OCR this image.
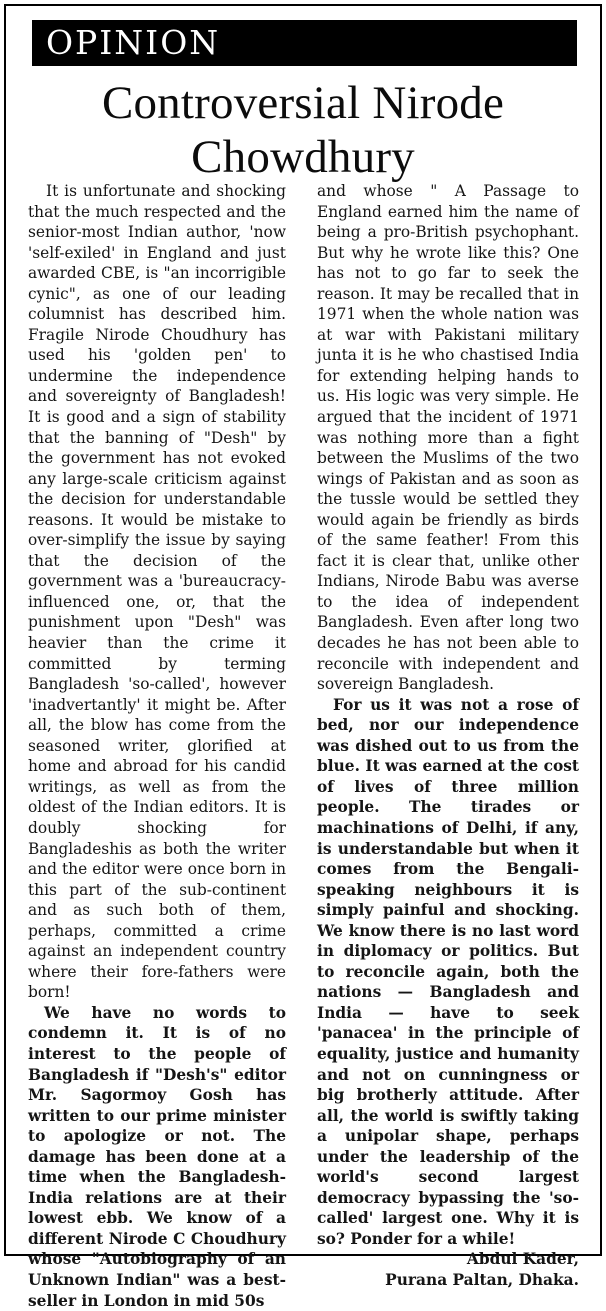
OPINION
Controversial Nirode Chowdhury

It is unfortunate and shocking that the much respected and the senior-most Indian author, 'now 'self-exiled' in England and just awarded CBE, is "an incorrigible cynic", as one of our leading columnist has described him. Fragile Nirode Choudhury has used his 'golden pen' to undermine the independence and sovereignty of Bangladesh! It is good and a sign of stability that the banning of "Desh" by the government has not evoked any large-scale criticism against the decision for understandable reasons. It would be mistake to over-simplify the issue by saying that the decision of the government was a 'bureaucracy-influenced one, or, that the punishment upon "Desh" was heavier than the crime it committed by terming Bangladesh 'so-called', however 'inadvertantly' it might be. After all, the blow has come from the seasoned writer, glorified at home and abroad for his candid writings, as well as from the oldest of the Indian editors. It is doubly shocking for Bangladeshis as both the writer and the editor were once born in this part of the sub-continent and as such both of them, perhaps, committed a crime against an independent country where their fore-fathers were born!

We have no words to condemn it. It is of no interest to the people of Bangladesh if "Desh's" editor Mr. Sagormoy Gosh has written to our prime minister to apologize or not. The damage has been done at a time when the Bangladesh-India relations are at their lowest ebb. We know of a different Nirode C Choudhury whose "Autobiography of an Unknown Indian" was a best-seller in London in mid 50s

and whose " A Passage to England earned him the name of being a pro-British psychophant. But why he wrote like this? One has not to go far to seek the reason. It may be recalled that in 1971 when the whole nation was at war with Pakistani military junta it is he who chastised India for extending helping hands to us. His logic was very simple. He argued that the incident of 1971 was nothing more than a fight between the Muslims of the two wings of Pakistan and as soon as the tussle would be settled they would again be friendly as birds of the same feather! From this fact it is clear that, unlike other Indians, Nirode Babu was averse to the idea of independent Bangladesh. Even after long two decades he has not been able to reconcile with independent and sovereign Bangladesh.

For us it was not a rose of bed, nor our independence was dished out to us from the blue. It was earned at the cost of lives of three million people. The tirades or machinations of Delhi, if any, is understandable but when it comes from the Bengali-speaking neighbours it is simply painful and shocking. We know there is no last word in diplomacy or politics. But to reconcile again, both the nations — Bangladesh and India — have to seek 'panacea' in the principle of equality, justice and humanity and not on cunningness or big brotherly attitude. After all, the world is swiftly taking a unipolar shape, perhaps under the leadership of the world's second largest democracy bypassing the 'so-called' largest one. Why it is so? Ponder for a while!

Abdul Kader,

Purana Paltan, Dhaka.
